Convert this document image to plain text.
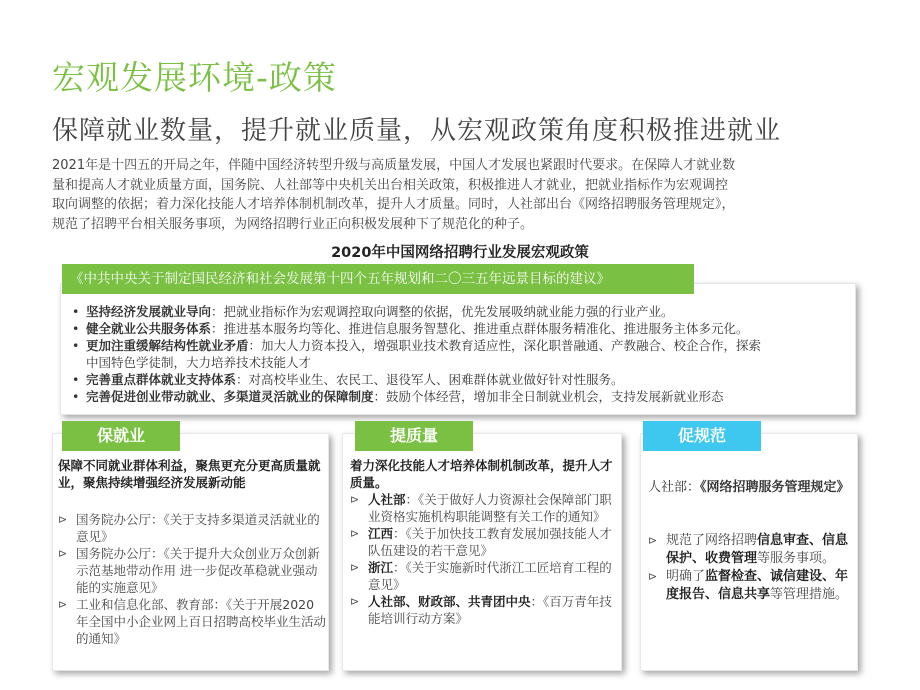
宏观发展环境-政策
保障就业数量，提升就业质量，从宏观政策角度积极推进就业

2021年是十四五的开局之年，伴随中国经济转型升级与高质量发展，中国人才发展也紧跟时代要求。在保障人才就业数

量和提高人才就业质量方面，国务院、人社部等中央机关出台相关政策，积极推进人才就业，把就业指标作为宏观调控

取向调整的依据；着力深化技能人才培养体制机制改革，提升人才质量。同时，人社部出台《网络招聘服务管理规定》，

规范了招聘平台相关服务事项，为网络招聘行业正向积极发展种下了规范化的种子。

2020年中国网络招聘行业发展宏观政策
《中共中央关于制定国民经济和社会发展第十四个五年规划和二〇三五年远景目标的建议》
• 坚持经济发展就业导向：把就业指标作为宏观调控取向调整的依据，优先发展吸纳就业能力强的行业产业。
• 健全就业公共服务体系：推进基本服务均等化、推进信息服务智慧化、推进重点群体服务精准化、推进服务主体多元化。
• 更加注重缓解结构性就业矛盾：加大人力资本投入，增强职业技术教育适应性，深化职普融通、产教融合、校企合作，探索
中国特色学徒制，大力培养技术技能人才
• 完善重点群体就业支持体系：对高校毕业生、农民工、退役军人、困难群体就业做好针对性服务。
• 完善促进创业带动就业、多渠道灵活就业的保障制度：鼓励个体经营，增加非全日制就业机会，支持发展新就业形态
保就业
保障不同就业群体利益，聚焦更充分更高质量就业，聚焦持续增强经济发展新动能
⊳ 国务院办公厅：《关于支持多渠道灵活就业的意见》
⊳ 国务院办公厅：《关于提升大众创业万众创新示范基地带动作用 进一步促改革稳就业强动能的实施意见》
⊳ 工业和信息化部、教育部：《关于开展2020年全国中小企业网上百日招聘高校毕业生活动的通知》
提质量
着力深化技能人才培养体制机制改革，提升人才质量。
⊳ 人社部：《关于做好人力资源社会保障部门职业资格实施机构职能调整有关工作的通知》
⊳ 江西：《关于加快技工教育发展加强技能人才队伍建设的若干意见》
⊳ 浙江：《关于实施新时代浙江工匠培育工程的意见》
⊳ 人社部、财政部、共青团中央：《百万青年技能培训行动方案》
促规范
人社部：《网络招聘服务管理规定》
⊳ 规范了网络招聘信息审查、信息保护、收费管理等服务事项。
⊳ 明确了监督检查、诚信建设、年度报告、信息共享等管理措施。
